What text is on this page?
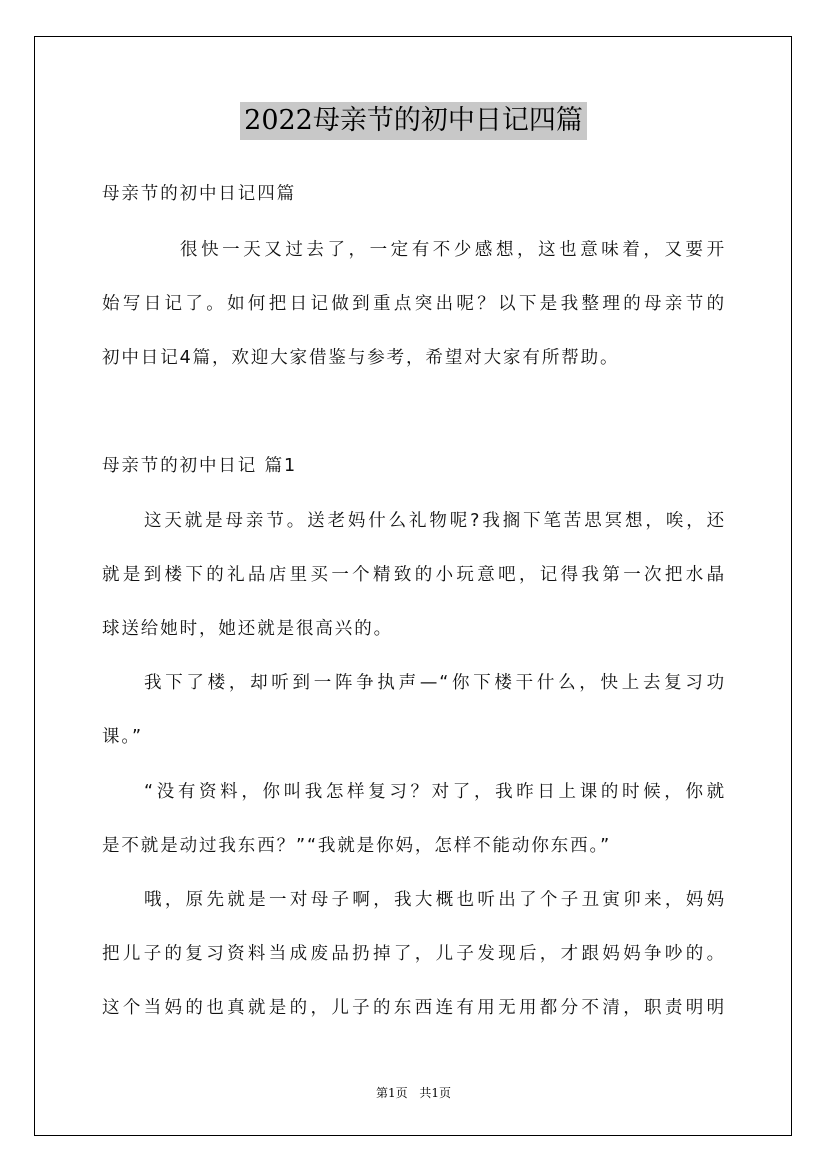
2022母亲节的初中日记四篇
母亲节的初中日记四篇
很快一天又过去了，一定有不少感想，这也意味着，又要开
始写日记了。如何把日记做到重点突出呢？以下是我整理的母亲节的
初中日记4篇，欢迎大家借鉴与参考，希望对大家有所帮助。
母亲节的初中日记 篇1
这天就是母亲节。送老妈什么礼物呢?我搁下笔苦思冥想，唉，还
就是到楼下的礼品店里买一个精致的小玩意吧，记得我第一次把水晶
球送给她时，她还就是很高兴的。
我下了楼，却听到一阵争执声—“你下楼干什么，快上去复习功
课。”
“没有资料，你叫我怎样复习？对了，我昨日上课的时候，你就
是不就是动过我东西？”“我就是你妈，怎样不能动你东西。”
哦，原先就是一对母子啊，我大概也听出了个子丑寅卯来，妈妈
把儿子的复习资料当成废品扔掉了，儿子发现后，才跟妈妈争吵的。
这个当妈的也真就是的，儿子的东西连有用无用都分不清，职责明明
第1页 共1页
